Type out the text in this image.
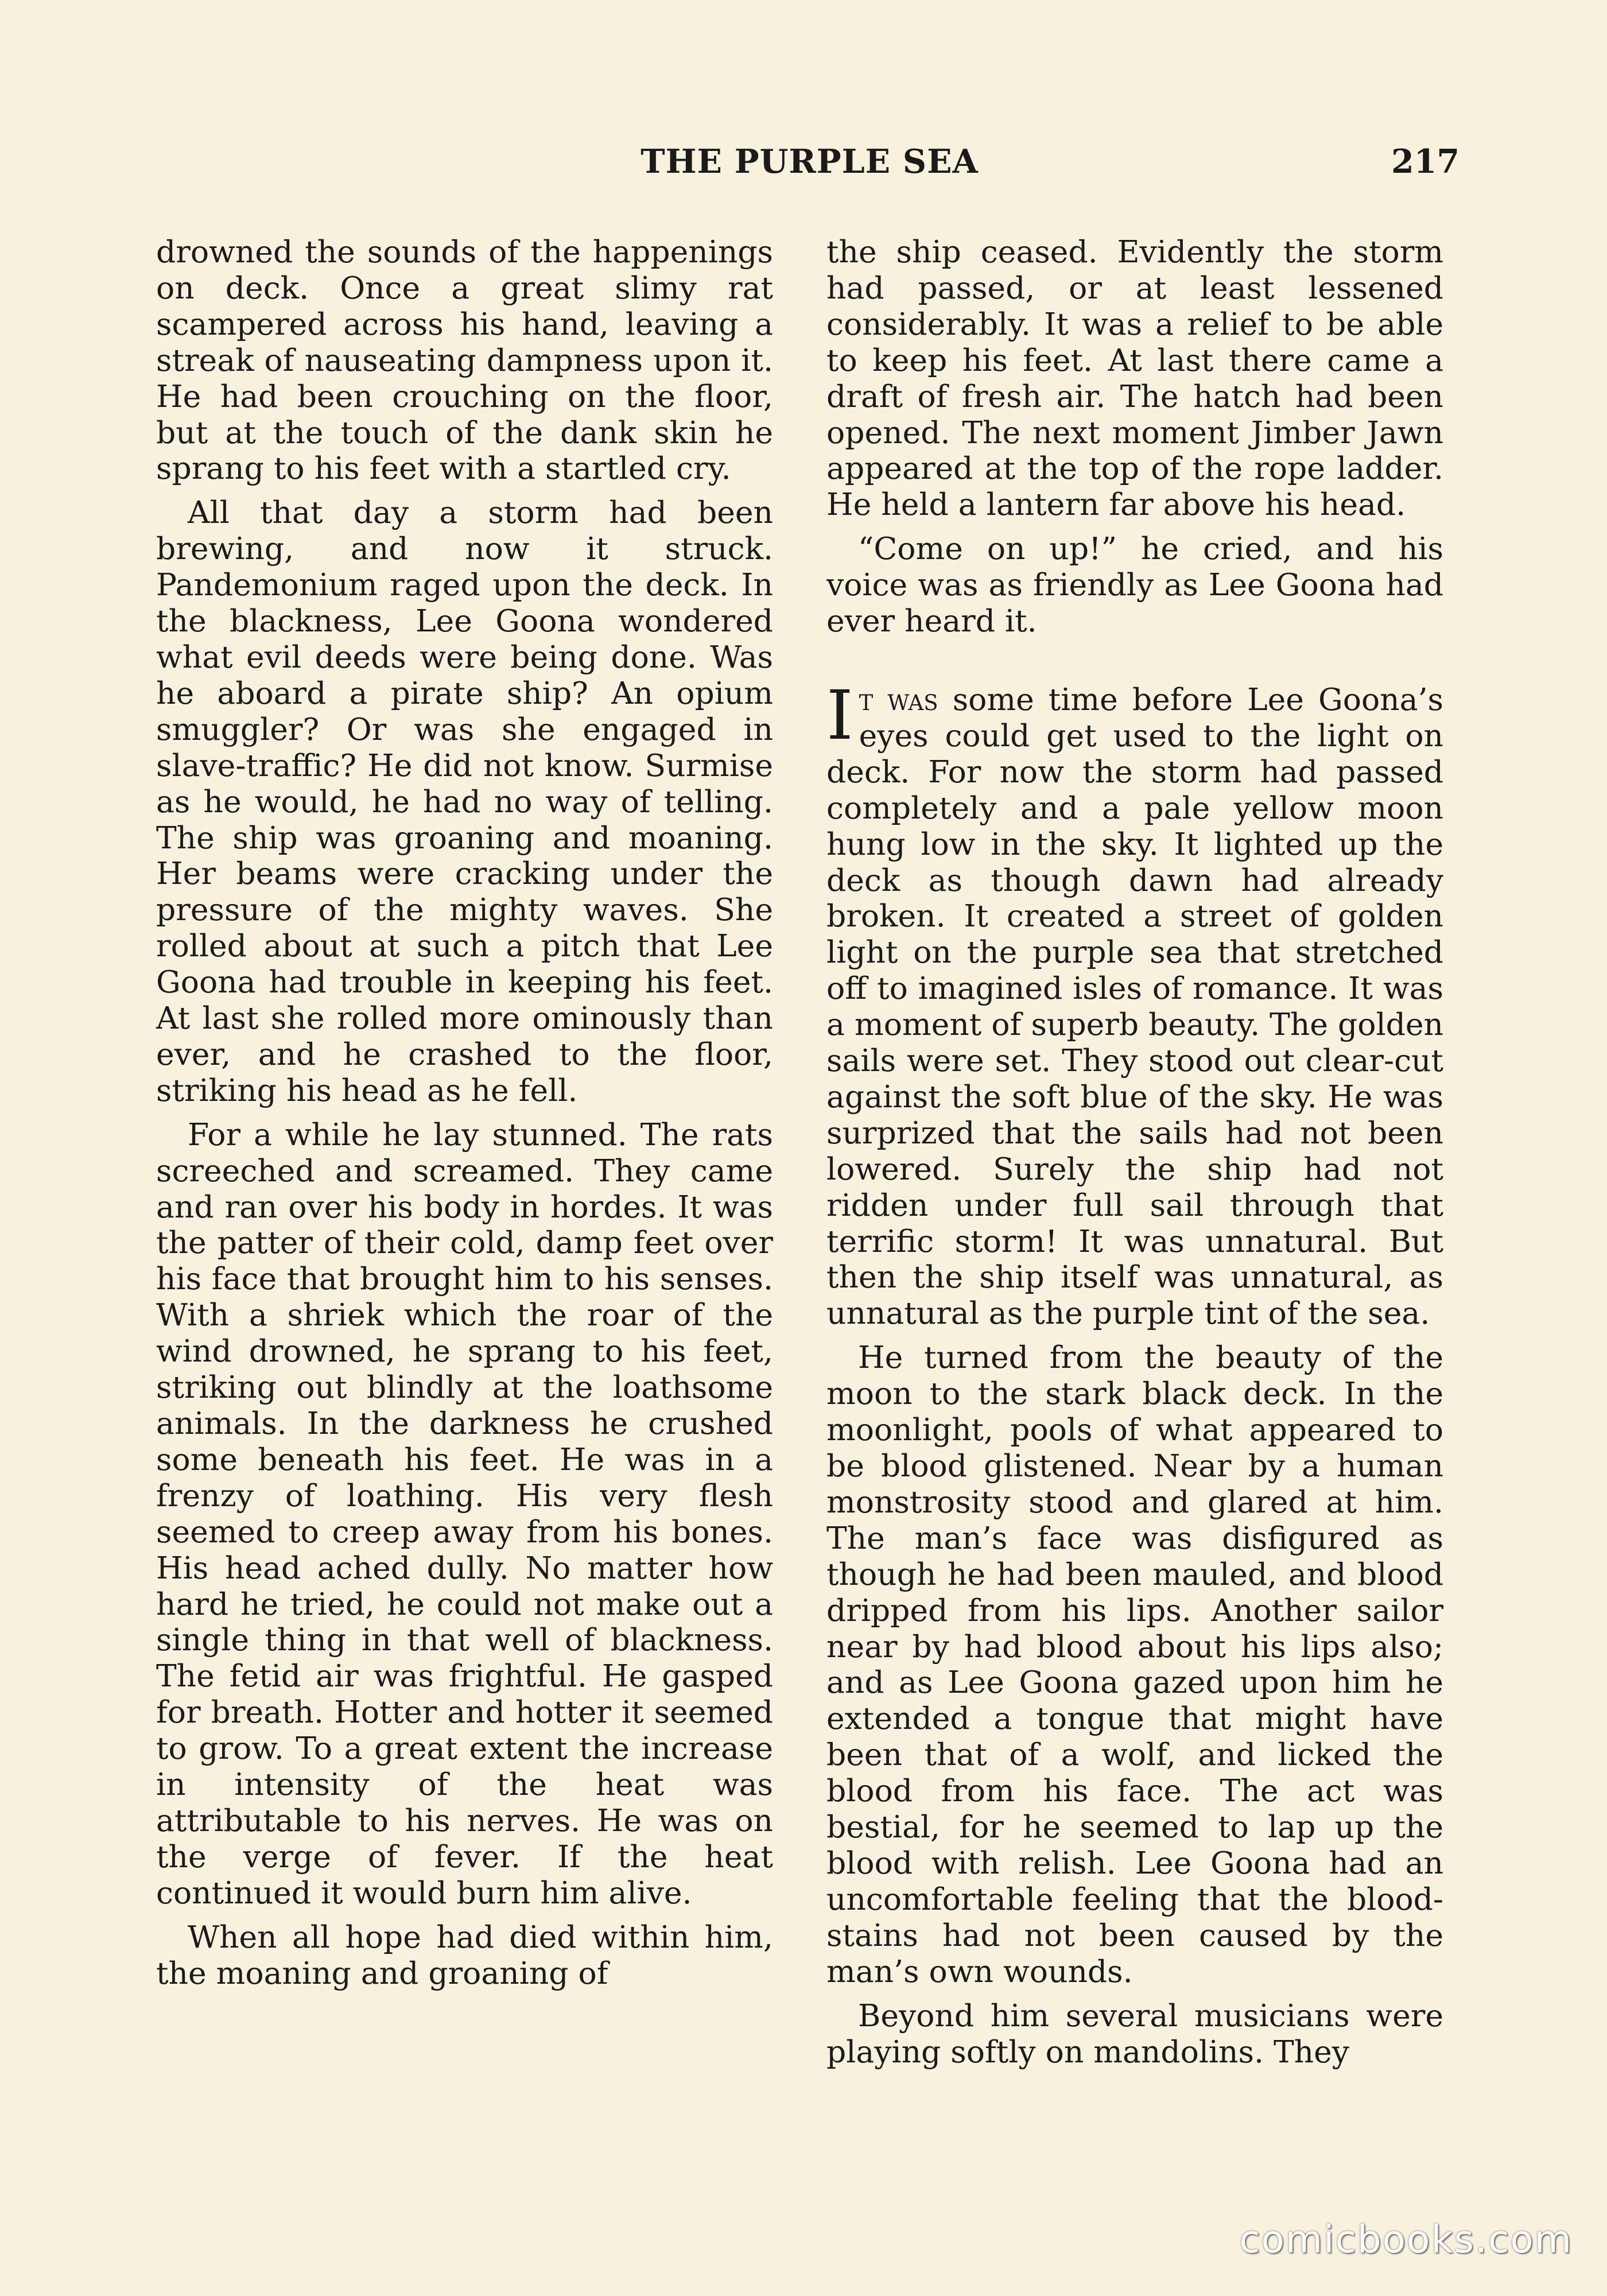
THE PURPLE SEA	217

drowned the sounds of the happenings on deck. Once a great slimy rat scampered across his hand, leaving a streak of nauseating dampness upon it. He had been crouching on the floor, but at the touch of the dank skin he sprang to his feet with a startled cry.

All that day a storm had been brewing, and now it struck. Pandemonium raged upon the deck. In the blackness, Lee Goona wondered what evil deeds were being done. Was he aboard a pirate ship? An opium smuggler? Or was she engaged in slave-traffic? He did not know. Surmise as he would, he had no way of telling. The ship was groaning and moaning. Her beams were cracking under the pressure of the mighty waves. She rolled about at such a pitch that Lee Goona had trouble in keeping his feet. At last she rolled more ominously than ever, and he crashed to the floor, striking his head as he fell.

For a while he lay stunned. The rats screeched and screamed. They came and ran over his body in hordes. It was the patter of their cold, damp feet over his face that brought him to his senses. With a shriek which the roar of the wind drowned, he sprang to his feet, striking out blindly at the loathsome animals. In the darkness he crushed some beneath his feet. He was in a frenzy of loathing. His very flesh seemed to creep away from his bones. His head ached dully. No matter how hard he tried, he could not make out a single thing in that well of blackness. The fetid air was frightful. He gasped for breath. Hotter and hotter it seemed to grow. To a great extent the increase in intensity of the heat was attributable to his nerves. He was on the verge of fever. If the heat continued it would burn him alive.

When all hope had died within him, the moaning and groaning of

the ship ceased. Evidently the storm had passed, or at least lessened considerably. It was a relief to be able to keep his feet. At last there came a draft of fresh air. The hatch had been opened. The next moment Jimber Jawn appeared at the top of the rope ladder. He held a lantern far above his head.

“Come on up!” he cried, and his voice was as friendly as Lee Goona had ever heard it.

It was some time before Lee Goona’s eyes could get used to the light on deck. For now the storm had passed completely and a pale yellow moon hung low in the sky. It lighted up the deck as though dawn had already broken. It created a street of golden light on the purple sea that stretched off to imagined isles of romance. It was a moment of superb beauty. The golden sails were set. They stood out clear-cut against the soft blue of the sky. He was surprized that the sails had not been lowered. Surely the ship had not ridden under full sail through that terrific storm! It was unnatural. But then the ship itself was unnatural, as unnatural as the purple tint of the sea.

He turned from the beauty of the moon to the stark black deck. In the moonlight, pools of what appeared to be blood glistened. Near by a human monstrosity stood and glared at him. The man’s face was disfigured as though he had been mauled, and blood dripped from his lips. Another sailor near by had blood about his lips also; and as Lee Goona gazed upon him he extended a tongue that might have been that of a wolf, and licked the blood from his face. The act was bestial, for he seemed to lap up the blood with relish. Lee Goona had an uncomfortable feeling that the blood-stains had not been caused by the man’s own wounds.

Beyond him several musicians were playing softly on mandolins. They

comicbooks.com
